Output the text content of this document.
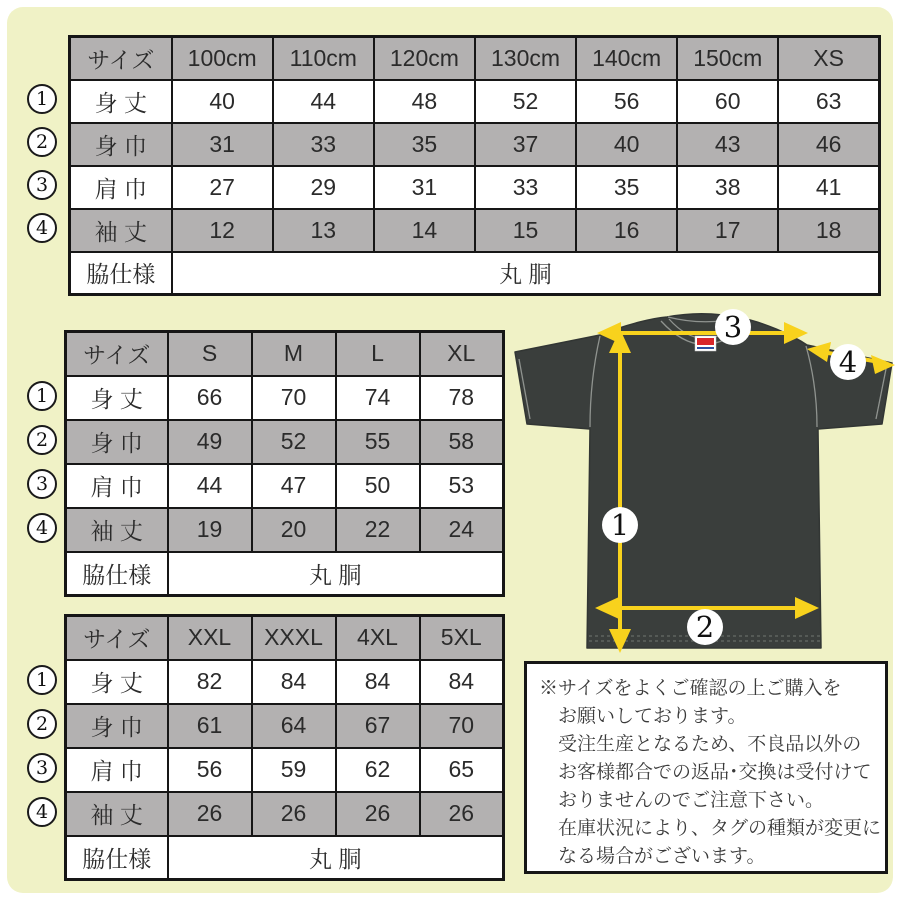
サイズ	100cm	110cm	120cm	130cm	140cm	150cm	XS
身 丈	40	44	48	52	56	60	63
身 巾	31	33	35	37	40	43	46
肩 巾	27	29	31	33	35	38	41
袖 丈	12	13	14	15	16	17	18
脇仕様	丸 胴						
1
2
3
4
サイズ	S	M	L	XL
身 丈	66	70	74	78
身 巾	49	52	55	58
肩 巾	44	47	50	53
袖 丈	19	20	22	24
脇仕様	丸 胴			
1
2
3
4
サイズ	XXL	XXXL	4XL	5XL
身 丈	82	84	84	84
身 巾	61	64	67	70
肩 巾	56	59	62	65
袖 丈	26	26	26	26
脇仕様	丸 胴			
1
2
3
4
1
2
3
4
※サイズをよくご確認の上ご購入を
お願いしております。
受注生産となるため、不良品以外の
お客様都合での返品･交換は受付けて
おりませんのでご注意下さい。
在庫状況により、タグの種類が変更に
なる場合がございます。
